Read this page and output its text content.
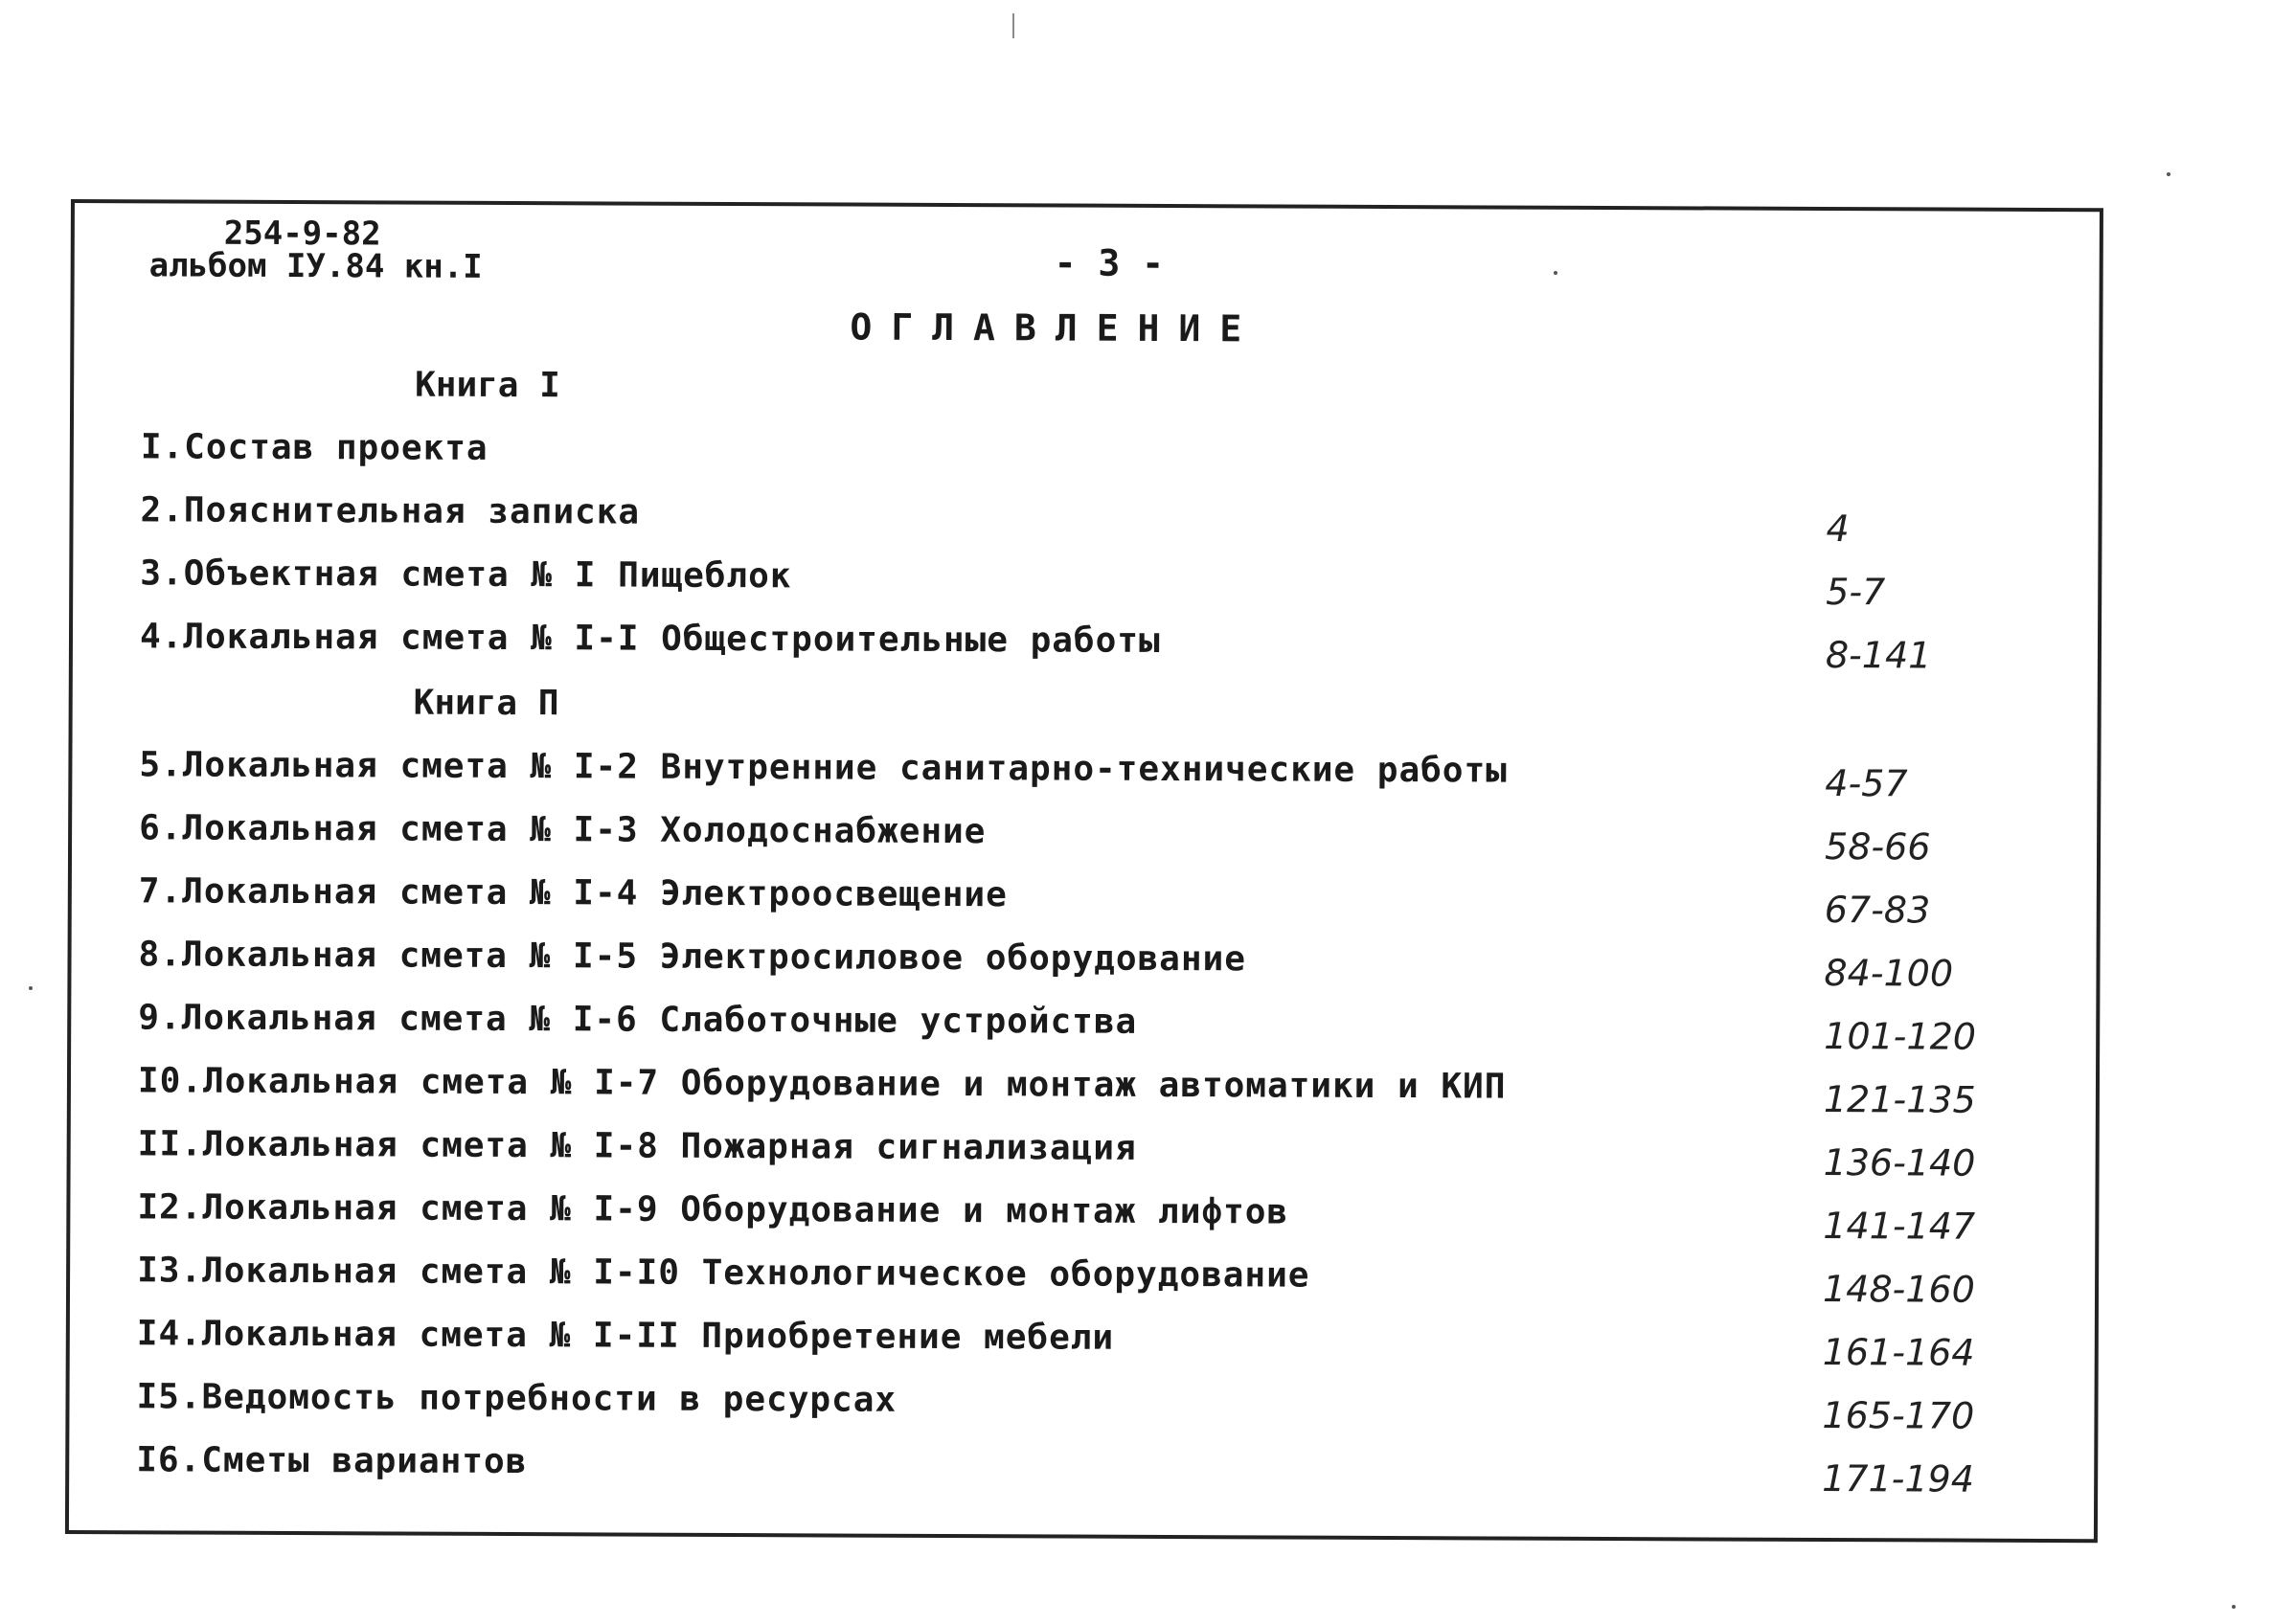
254-9-82
альбом IУ.84 кн.I	- 3 -
ОГЛАВЛЕНИЕ
Книга I
I.Состав проекта
2.Пояснительная записка	4
3.Объектная смета № I Пищеблок	5-7
4.Локальная смета № I-I Общестроительные работы	8-141
Книга П
5.Локальная смета № I-2 Внутренние санитарно-технические работы	4-57
6.Локальная смета № I-3 Холодоснабжение	58-66
7.Локальная смета № I-4 Электроосвещение	67-83
8.Локальная смета № I-5 Электросиловое оборудование	84-100
9.Локальная смета № I-6 Слаботочные устройства	101-120
I0.Локальная смета № I-7 Оборудование и монтаж автоматики и КИП	121-135
II.Локальная смета № I-8 Пожарная сигнализация	136-140
I2.Локальная смета № I-9 Оборудование и монтаж лифтов	141-147
I3.Локальная смета № I-I0 Технологическое оборудование	148-160
I4.Локальная смета № I-II Приобретение мебели	161-164
I5.Ведомость потребности в ресурсах	165-170
I6.Сметы вариантов	171-194
